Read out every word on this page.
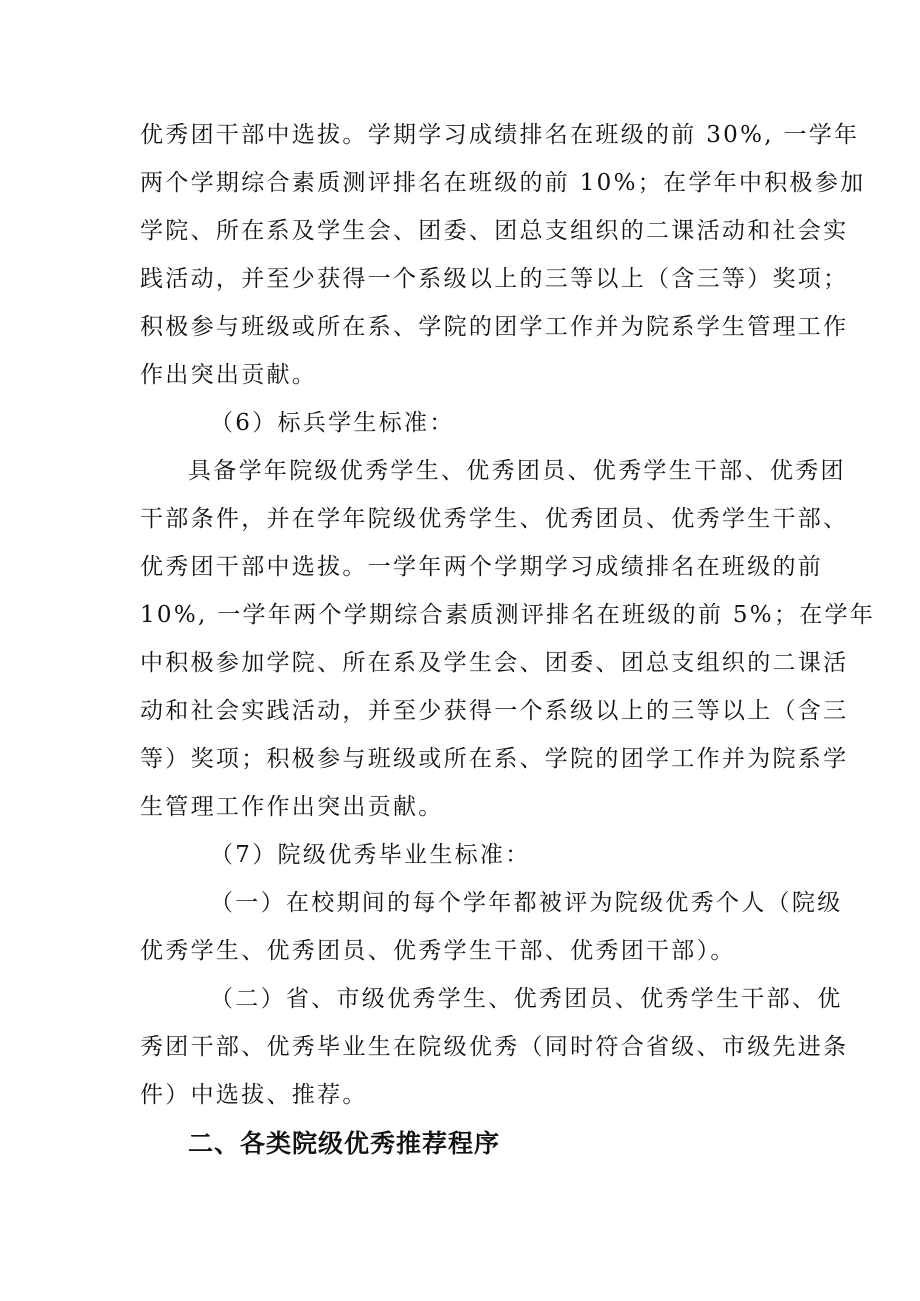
优秀团干部中选拔。学期学习成绩排名在班级的前 30%, 一学年
两个学期综合素质测评排名在班级的前 10%；在学年中积极参加
学院、所在系及学生会、团委、团总支组织的二课活动和社会实
践活动，并至少获得一个系级以上的三等以上（含三等）奖项；
积极参与班级或所在系、学院的团学工作并为院系学生管理工作
作出突出贡献。
（6）标兵学生标准：
具备学年院级优秀学生、优秀团员、优秀学生干部、优秀团
干部条件，并在学年院级优秀学生、优秀团员、优秀学生干部、
优秀团干部中选拔。一学年两个学期学习成绩排名在班级的前
10%, 一学年两个学期综合素质测评排名在班级的前 5%；在学年
中积极参加学院、所在系及学生会、团委、团总支组织的二课活
动和社会实践活动，并至少获得一个系级以上的三等以上（含三
等）奖项；积极参与班级或所在系、学院的团学工作并为院系学
生管理工作作出突出贡献。
（7）院级优秀毕业生标准：
（一）在校期间的每个学年都被评为院级优秀个人（院级
优秀学生、优秀团员、优秀学生干部、优秀团干部）。
（二）省、市级优秀学生、优秀团员、优秀学生干部、优
秀团干部、优秀毕业生在院级优秀（同时符合省级、市级先进条
件）中选拔、推荐。
二、各类院级优秀推荐程序
